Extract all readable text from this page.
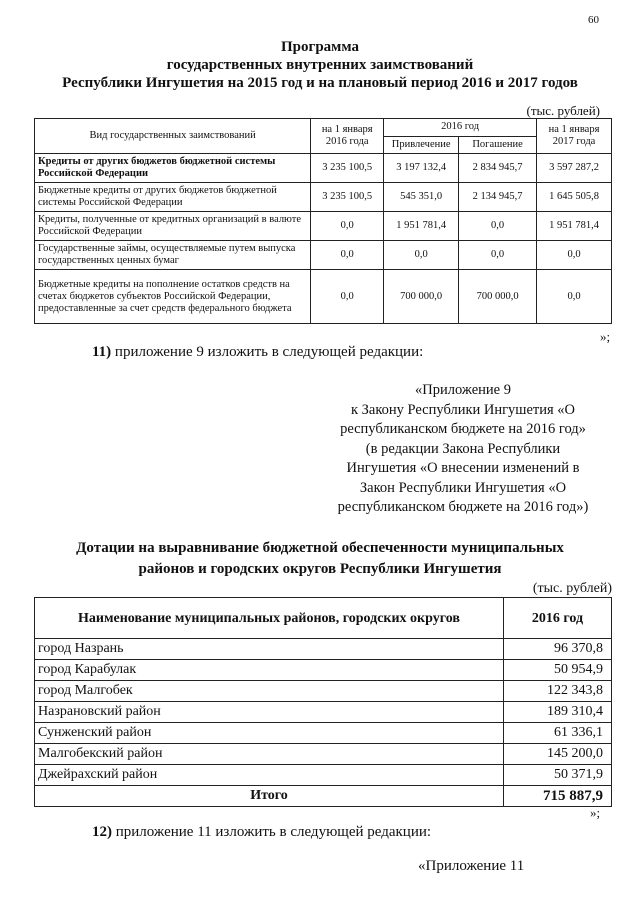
60
Программа
государственных внутренних заимствований
Республики Ингушетия на 2015 год и на плановый период 2016 и 2017 годов
(тыс. рублей)
Вид государственных заимствований	на 1 января 2016 года	2016 год		на 1 января 2017 года
		Привлечение	Погашение	
Кредиты от других бюджетов бюджетной системы Российской Федерации	3 235 100,5	3 197 132,4	2 834 945,7	3 597 287,2
Бюджетные кредиты от других бюджетов бюджетной системы Российской Федерации	3 235 100,5	545 351,0	2 134 945,7	1 645 505,8
Кредиты, полученные от кредитных организаций в валюте Российской Федерации	0,0	1 951 781,4	0,0	1 951 781,4
Государственные займы, осуществляемые путем выпуска государственных ценных бумаг	0,0	0,0	0,0	0,0
Бюджетные кредиты на пополнение остатков средств на счетах бюджетов субъектов Российской Федерации, предоставленные за счет средств федерального бюджета	0,0	700 000,0	700 000,0	0,0
»;
11) приложение 9 изложить в следующей редакции:
«Приложение 9
к Закону Республики Ингушетия «О
республиканском бюджете на 2016 год»
(в редакции Закона Республики
Ингушетия «О внесении изменений в
Закон Республики Ингушетия «О
республиканском бюджете на 2016 год»)
Дотации на выравнивание бюджетной обеспеченности муниципальных
районов и городских округов Республики Ингушетия
(тыс. рублей)
Наименование муниципальных районов, городских округов	2016 год
город Назрань	96 370,8
город Карабулак	50 954,9
город Малгобек	122 343,8
Назрановский район	189 310,4
Сунженский район	61 336,1
Малгобекский район	145 200,0
Джейрахский район	50 371,9
Итого	715 887,9
»;
12) приложение 11 изложить в следующей редакции:
«Приложение 11
